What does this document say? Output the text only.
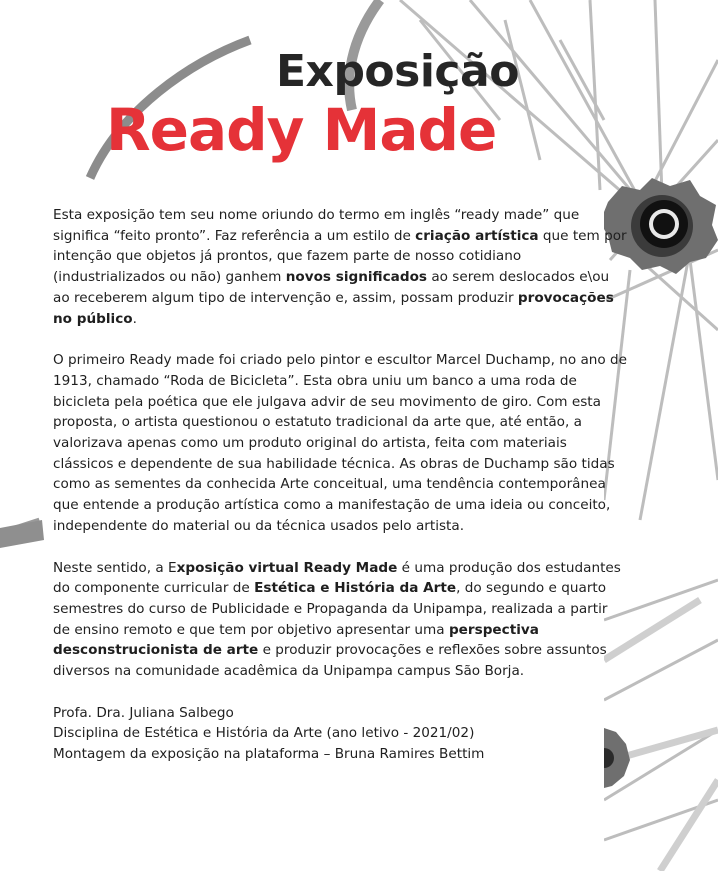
Exposição
Ready Made

Esta exposição tem seu nome oriundo do termo em inglês “ready made” que significa “feito pronto”. Faz referência a um estilo de criação artística que tem por intenção que objetos já prontos, que fazem parte de nosso cotidiano (industrializados ou não) ganhem novos significados ao serem deslocados e\ou ao receberem algum tipo de intervenção e, assim, possam produzir provocações no público.

O primeiro Ready made foi criado pelo pintor e escultor Marcel Duchamp, no ano de 1913, chamado “Roda de Bicicleta”. Esta obra uniu um banco a uma roda de bicicleta pela poética que ele julgava advir de seu movimento de giro. Com esta proposta, o artista questionou o estatuto tradicional da arte que, até então, a valorizava apenas como um produto original do artista, feita com materiais clássicos e dependente de sua habilidade técnica. As obras de Duchamp são tidas como as sementes da conhecida Arte conceitual, uma tendência contemporânea que entende a produção artística como a manifestação de uma ideia ou conceito, independente do material ou da técnica usados pelo artista.

Neste sentido, a Exposição virtual Ready Made é uma produção dos estudantes do componente curricular de Estética e História da Arte, do segundo e quarto semestres do curso de Publicidade e Propaganda da Unipampa, realizada a partir de ensino remoto e que tem por objetivo apresentar uma perspectiva desconstrucionista de arte e produzir provocações e reflexões sobre assuntos diversos na comunidade acadêmica da Unipampa campus São Borja.

Profa. Dra. Juliana Salbego
Disciplina de Estética e História da Arte (ano letivo - 2021/02)
Montagem da exposição na plataforma – Bruna Ramires Bettim
